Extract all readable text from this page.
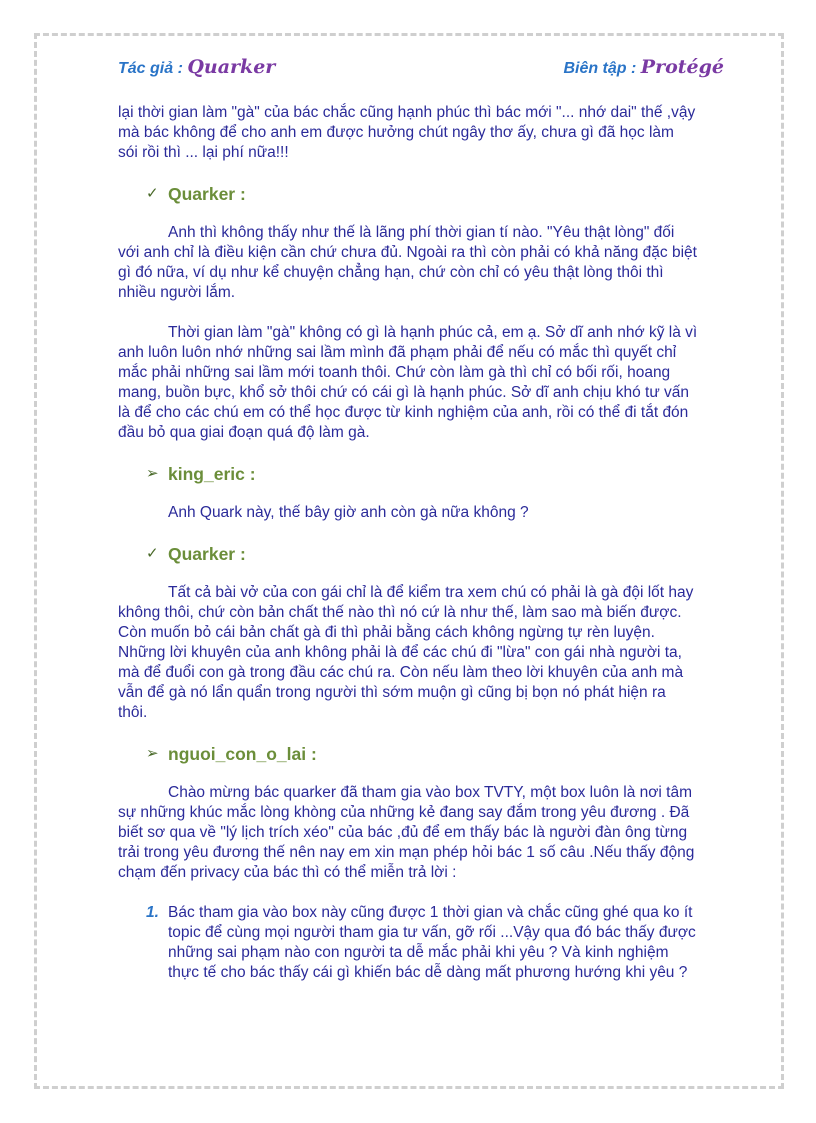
Tác giả : Quarker	Biên tập : Protégé

lại thời gian làm "gà" của bác chắc cũng hạnh phúc thì bác mới "... nhớ dai" thế ,vậy mà bác không để cho anh em được hưởng chút ngây thơ ấy, chưa gì đã học làm sói rồi thì ... lại phí nữa!!!

✓ Quarker :

Anh thì không thấy như thế là lãng phí thời gian tí nào. "Yêu thật lòng" đối với anh chỉ là điều kiện cần chứ chưa đủ. Ngoài ra thì còn phải có khả năng đặc biệt gì đó nữa, ví dụ như kể chuyện chẳng hạn, chứ còn chỉ có yêu thật lòng thôi thì nhiều người lắm.

Thời gian làm "gà" không có gì là hạnh phúc cả, em ạ. Sở dĩ anh nhớ kỹ là vì anh luôn luôn nhớ những sai lầm mình đã phạm phải để nếu có mắc thì quyết chỉ mắc phải những sai lầm mới toanh thôi. Chứ còn làm gà thì chỉ có bối rối, hoang mang, buồn bực, khổ sở thôi chứ có cái gì là hạnh phúc. Sở dĩ anh chịu khó tư vấn là để cho các chú em có thể học được từ kinh nghiệm của anh, rồi có thể đi tắt đón đầu bỏ qua giai đoạn quá độ làm gà.

➢ king_eric :

Anh Quark này, thế bây giờ anh còn gà nữa không ?

✓ Quarker :

Tất cả bài vở của con gái chỉ là để kiểm tra xem chú có phải là gà đội lốt hay không thôi, chứ còn bản chất thế nào thì nó cứ là như thế, làm sao mà biến được. Còn muốn bỏ cái bản chất gà đi thì phải bằng cách không ngừng tự rèn luyện. Những lời khuyên của anh không phải là để các chú đi "lừa" con gái nhà người ta, mà để đuổi con gà trong đầu các chú ra. Còn nếu làm theo lời khuyên của anh mà vẫn để gà nó lẩn quẩn trong người thì sớm muộn gì cũng bị bọn nó phát hiện ra thôi.

➢ nguoi_con_o_lai :

Chào mừng bác quarker đã tham gia vào box TVTY, một box luôn là nơi tâm sự những khúc mắc lòng khòng của những kẻ đang say đắm trong yêu đương . Đã biết sơ qua về "lý lịch trích xéo" của bác ,đủ để em thấy bác là người đàn ông từng trải trong yêu đương thế nên nay em xin mạn phép hỏi bác 1 số câu .Nếu thấy động chạm đến privacy của bác thì có thể miễn trả lời :

1. Bác tham gia vào box này cũng được 1 thời gian và chắc cũng ghé qua ko ít topic để cùng mọi người tham gia tư vấn, gỡ rối ...Vậy qua đó bác thấy được những sai phạm nào con người ta dễ mắc phải khi yêu ? Và kinh nghiệm thực tế cho bác thấy cái gì khiến bác dễ dàng mất phương hướng khi yêu ?
